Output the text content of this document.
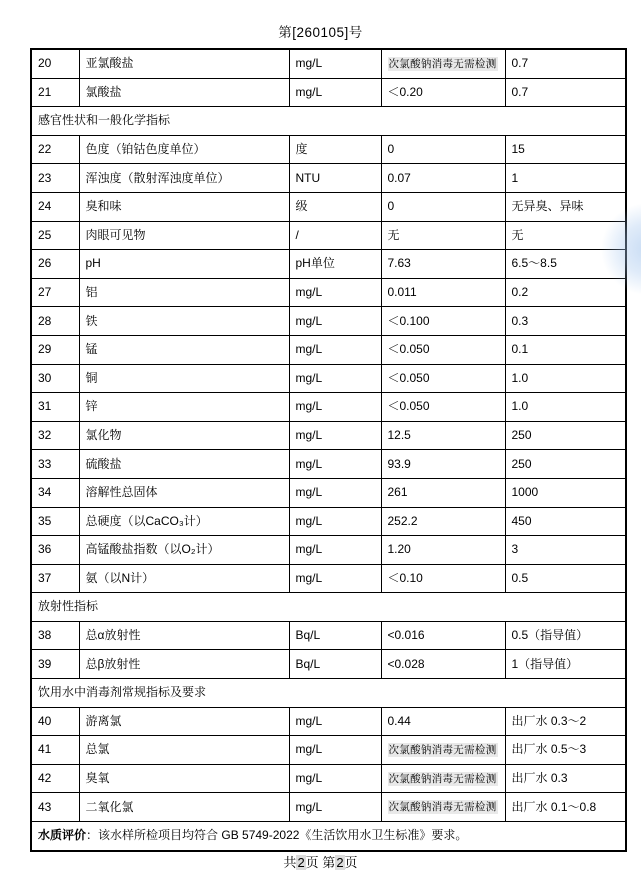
第[260105]号
20	亚氯酸盐	mg/L	次氯酸钠消毒无需检测	0.7
21	氯酸盐	mg/L	＜0.20	0.7
感官性状和一般化学指标				
22	色度（铂钴色度单位）	度	0	15
23	浑浊度（散射浑浊度单位）	NTU	0.07	1
24	臭和味	级	0	无异臭、异味
25	肉眼可见物	/	无	无
26	pH	pH单位	7.63	6.5～8.5
27	铝	mg/L	0.011	0.2
28	铁	mg/L	＜0.100	0.3
29	锰	mg/L	＜0.050	0.1
30	铜	mg/L	＜0.050	1.0
31	锌	mg/L	＜0.050	1.0
32	氯化物	mg/L	12.5	250
33	硫酸盐	mg/L	93.9	250
34	溶解性总固体	mg/L	261	1000
35	总硬度（以CaCO₃计）	mg/L	252.2	450
36	高锰酸盐指数（以O₂计）	mg/L	1.20	3
37	氨（以N计）	mg/L	＜0.10	0.5
放射性指标				
38	总α放射性	Bq/L	<0.016	0.5（指导值）
39	总β放射性	Bq/L	<0.028	1（指导值）
饮用水中消毒剂常规指标及要求				
40	游离氯	mg/L	0.44	出厂水 0.3～2
41	总氯	mg/L	次氯酸钠消毒无需检测	出厂水 0.5～3
42	臭氧	mg/L	次氯酸钠消毒无需检测	出厂水 0.3
43	二氧化氯	mg/L	次氯酸钠消毒无需检测	出厂水 0.1～0.8
水质评价：该水样所检项目均符合 GB 5749-2022《生活饮用水卫生标准》要求。				
共2页 第2页
